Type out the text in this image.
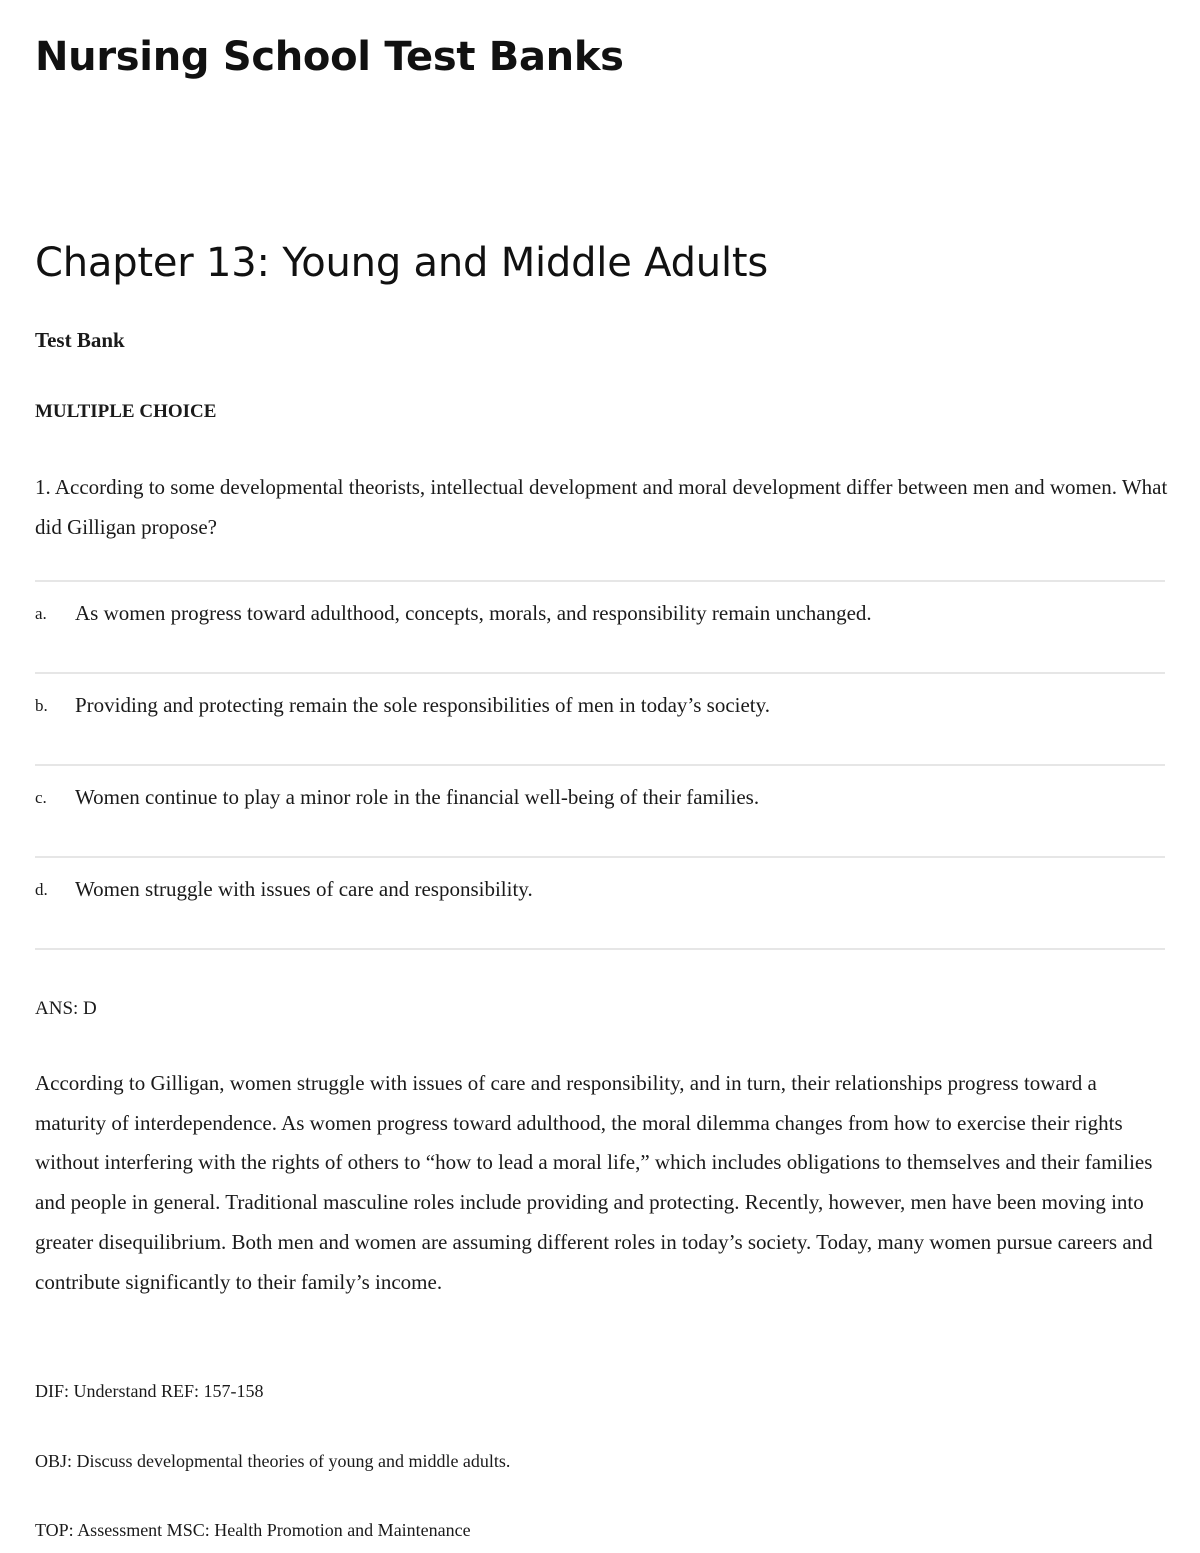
Nursing School Test Banks
Chapter 13: Young and Middle Adults
Test Bank
MULTIPLE CHOICE

1. According to some developmental theorists, intellectual development and moral development differ between men and women. What did Gilligan propose?

a.	As women progress toward adulthood, concepts, morals, and responsibility remain unchanged.
b.	Providing and protecting remain the sole responsibilities of men in today’s society.
c.	Women continue to play a minor role in the financial well-being of their families.
d.	Women struggle with issues of care and responsibility.
ANS: D

According to Gilligan, women struggle with issues of care and responsibility, and in turn, their relationships progress toward a maturity of interdependence. As women progress toward adulthood, the moral dilemma changes from how to exercise their rights without interfering with the rights of others to “how to lead a moral life,” which includes obligations to themselves and their families and people in general. Traditional masculine roles include providing and protecting. Recently, however, men have been moving into greater disequilibrium. Both men and women are assuming different roles in today’s society. Today, many women pursue careers and contribute significantly to their family’s income.

DIF: Understand REF: 157-158
OBJ: Discuss developmental theories of young and middle adults.
TOP: Assessment MSC: Health Promotion and Maintenance
